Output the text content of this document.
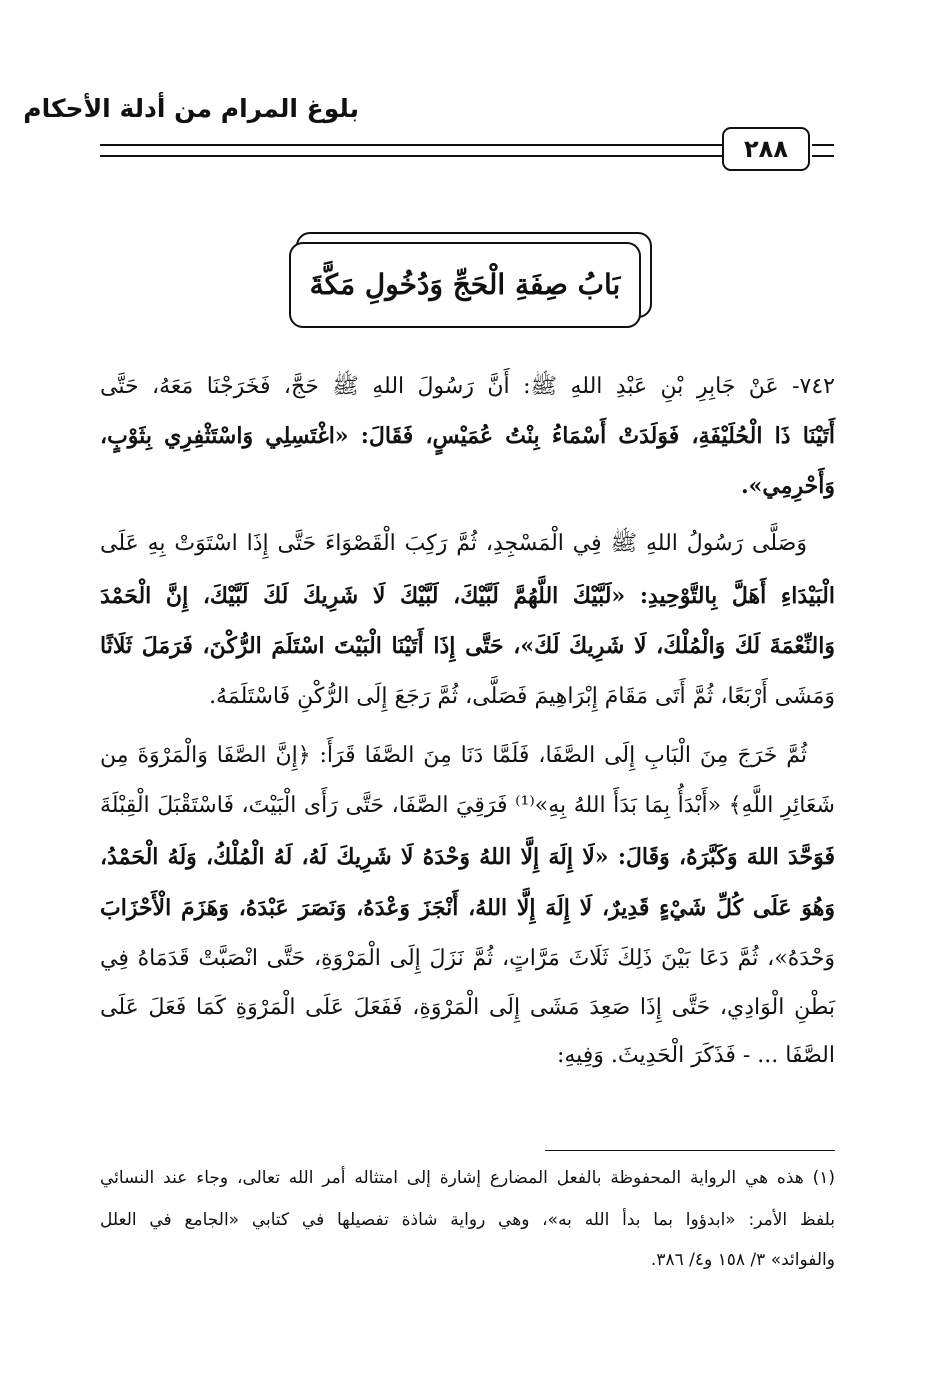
بلوغ المرام من أدلة الأحكام
٢٨٨
بَابُ صِفَةِ الْحَجِّ وَدُخُولِ مَكَّةَ
٧٤٢- عَنْ جَابِرِ بْنِ عَبْدِ اللهِ ﷺ: أَنَّ رَسُولَ اللهِ ﷺ حَجَّ، فَخَرَجْنَا مَعَهُ، حَتَّى
أَتَيْنَا ذَا الْحُلَيْفَةِ، فَوَلَدَتْ أَسْمَاءُ بِنْتُ عُمَيْسٍ، فَقَالَ: «اغْتَسِلِي وَاسْتَثْفِرِي بِثَوْبٍ،
وَأَحْرِمِي».
وَصَلَّى رَسُولُ اللهِ ﷺ فِي الْمَسْجِدِ، ثُمَّ رَكِبَ الْقَصْوَاءَ حَتَّى إِذَا اسْتَوَتْ بِهِ عَلَى
الْبَيْدَاءِ أَهَلَّ بِالتَّوْحِيدِ: «لَبَّيْكَ اللَّهُمَّ لَبَّيْكَ، لَبَّيْكَ لَا شَرِيكَ لَكَ لَبَّيْكَ، إِنَّ الْحَمْدَ
وَالنِّعْمَةَ لَكَ وَالْمُلْكَ، لَا شَرِيكَ لَكَ»، حَتَّى إِذَا أَتَيْنَا الْبَيْتَ اسْتَلَمَ الرُّكْنَ، فَرَمَلَ ثَلَاثًا
وَمَشَى أَرْبَعًا، ثُمَّ أَتَى مَقَامَ إِبْرَاهِيمَ فَصَلَّى، ثُمَّ رَجَعَ إِلَى الرُّكْنِ فَاسْتَلَمَهُ.
ثُمَّ خَرَجَ مِنَ الْبَابِ إِلَى الصَّفَا، فَلَمَّا دَنَا مِنَ الصَّفَا قَرَأَ: ﴿إِنَّ الصَّفَا وَالْمَرْوَةَ مِن
شَعَائِرِ اللَّهِ﴾ «أَبْدَأُ بِمَا بَدَأَ اللهُ بِهِ»⁽¹⁾ فَرَقِيَ الصَّفَا، حَتَّى رَأَى الْبَيْتَ، فَاسْتَقْبَلَ الْقِبْلَةَ
فَوَحَّدَ اللهَ وَكَبَّرَهُ، وَقَالَ: «لَا إِلَهَ إِلَّا اللهُ وَحْدَهُ لَا شَرِيكَ لَهُ، لَهُ الْمُلْكُ، وَلَهُ الْحَمْدُ،
وَهُوَ عَلَى كُلِّ شَيْءٍ قَدِيرٌ، لَا إِلَهَ إِلَّا اللهُ، أَنْجَزَ وَعْدَهُ، وَنَصَرَ عَبْدَهُ، وَهَزَمَ الْأَحْزَابَ
وَحْدَهُ»، ثُمَّ دَعَا بَيْنَ ذَلِكَ ثَلَاثَ مَرَّاتٍ، ثُمَّ نَزَلَ إِلَى الْمَرْوَةِ، حَتَّى انْصَبَّتْ قَدَمَاهُ فِي
بَطْنِ الْوَادِي، حَتَّى إِذَا صَعِدَ مَشَى إِلَى الْمَرْوَةِ، فَفَعَلَ عَلَى الْمَرْوَةِ كَمَا فَعَلَ عَلَى
الصَّفَا ... - فَذَكَرَ الْحَدِيثَ. وَفِيهِ:
(١) هذه هي الرواية المحفوظة بالفعل المضارع إشارة إلى امتثاله أمر الله تعالى، وجاء عند النسائي
بلفظ الأمر: «ابدؤوا بما بدأ الله به»، وهي رواية شاذة تفصيلها في كتابي «الجامع في العلل
والفوائد» ٣/ ١٥٨ و٤/ ٣٨٦.
